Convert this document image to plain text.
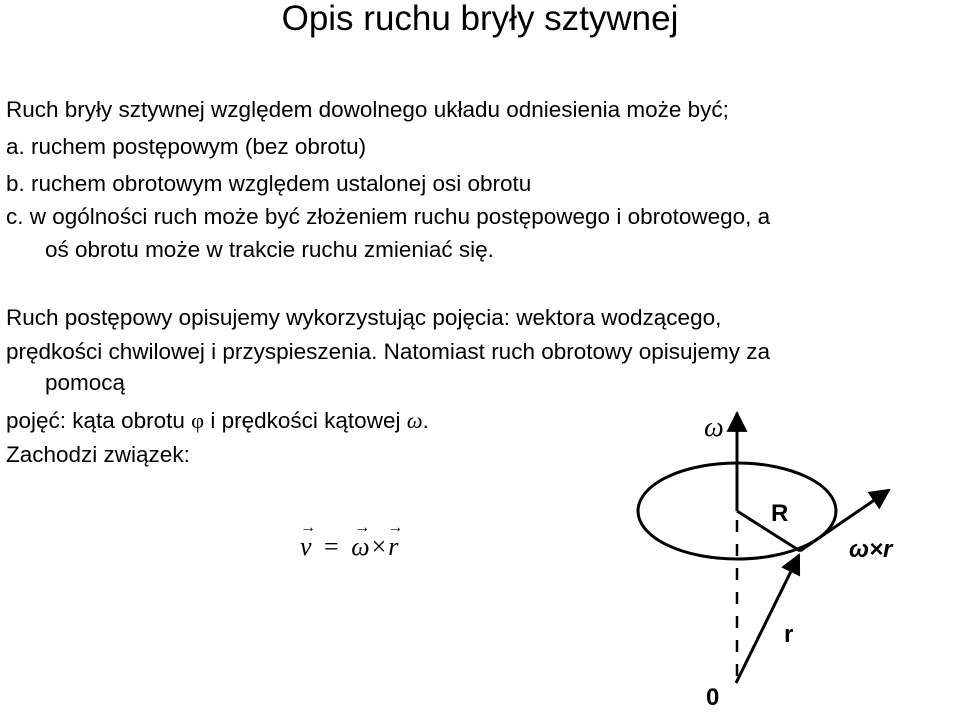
Opis ruchu bryły sztywnej
Ruch bryły sztywnej względem dowolnego układu odniesienia może być;
a. ruchem postępowym (bez obrotu)
b. ruchem obrotowym względem ustalonej osi obrotu
c. w ogólności ruch może być złożeniem ruchu postępowego i obrotowego, a
oś obrotu może w trakcie ruchu zmieniać się.
Ruch postępowy opisujemy wykorzystując pojęcia: wektora wodzącego,
prędkości chwilowej i przyspieszenia. Natomiast ruch obrotowy opisujemy za
pomocą
pojęć: kąta obrotu φ i prędkości kątowej ω.
Zachodzi związek:
v
→
= ω
→
×r
→
ω
R
ω×r
r
0
